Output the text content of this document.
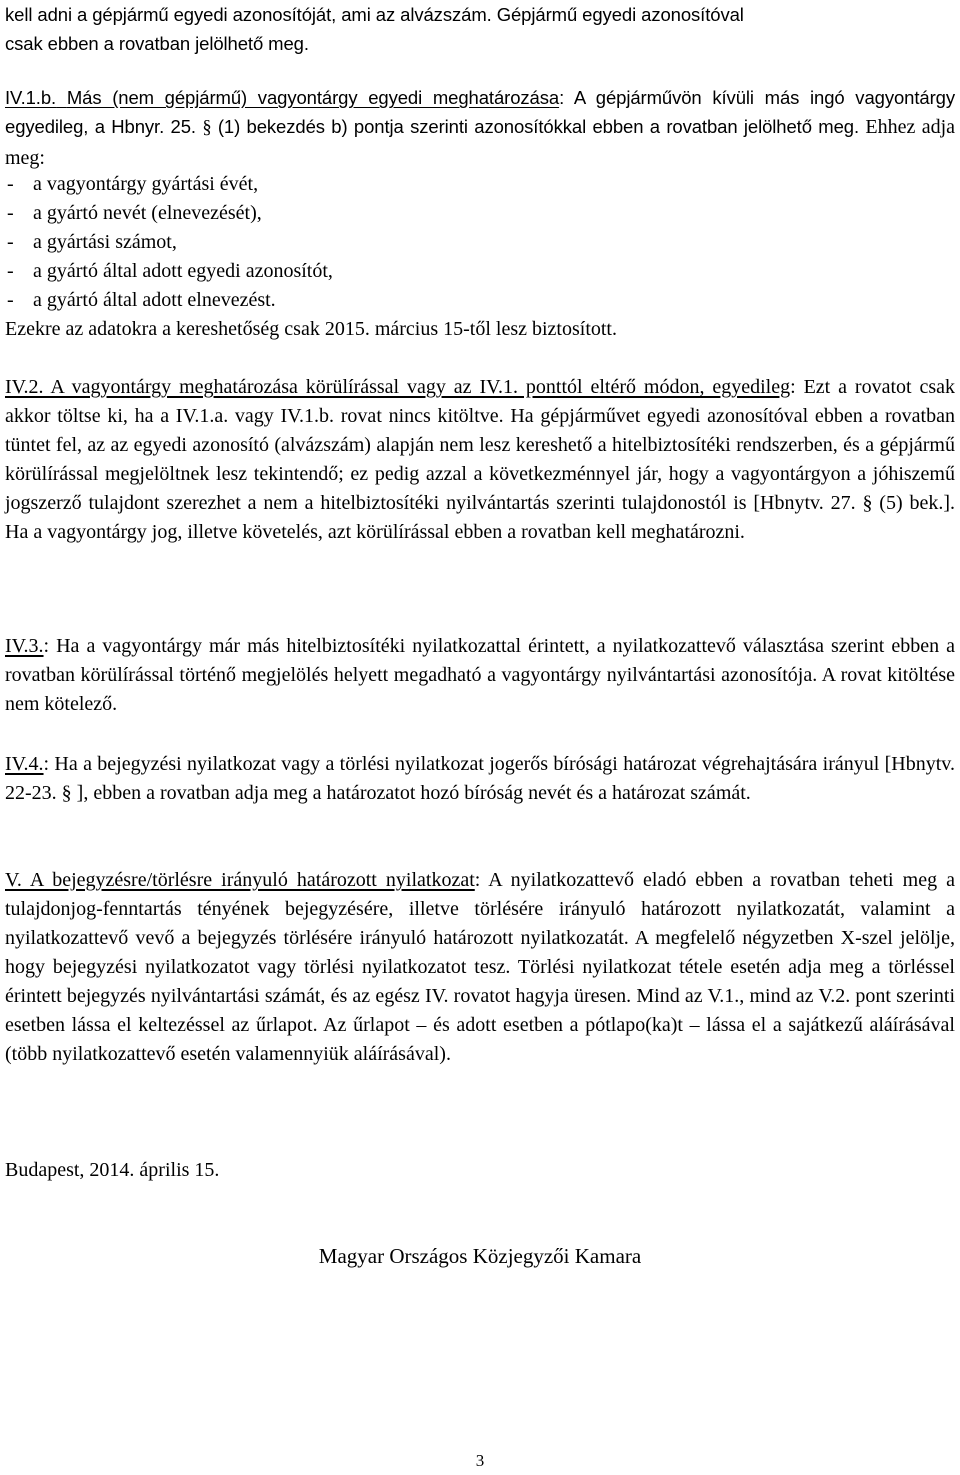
kell adni a gépjármű egyedi azonosítóját, ami az alvázszám. Gépjármű egyedi azonosítóval

csak ebben a rovatban jelölhető meg.

IV.1.b. Más (nem gépjármű) vagyontárgy egyedi meghatározása: A gépjárművön kívüli más ingó vagyontárgy egyedileg, a Hbnyr. 25. § (1) bekezdés b) pontja szerinti azonosítókkal ebben a rovatban jelölhető meg. Ehhez adja meg:

- a vagyontárgy gyártási évét,

- a gyártó nevét (elnevezését),

- a gyártási számot,

- a gyártó által adott egyedi azonosítót,

- a gyártó által adott elnevezést.

Ezekre az adatokra a kereshetőség csak 2015. március 15-től lesz biztosított.

IV.2. A vagyontárgy meghatározása körülírással vagy az IV.1. ponttól eltérő módon, egyedileg: Ezt a rovatot csak akkor töltse ki, ha a IV.1.a. vagy IV.1.b. rovat nincs kitöltve. Ha gépjárművet egyedi azonosítóval ebben a rovatban tüntet fel, az az egyedi azonosító (alvázszám) alapján nem lesz kereshető a hitelbiztosítéki rendszerben, és a gépjármű körülírással megjelöltnek lesz tekintendő; ez pedig azzal a következménnyel jár, hogy a vagyontárgyon a jóhiszemű jogszerző tulajdont szerezhet a nem a hitelbiztosítéki nyilvántartás szerinti tulajdonostól is [Hbnytv. 27. § (5) bek.]. Ha a vagyontárgy jog, illetve követelés, azt körülírással ebben a rovatban kell meghatározni.

IV.3.: Ha a vagyontárgy már más hitelbiztosítéki nyilatkozattal érintett, a nyilatkozattevő választása szerint ebben a rovatban körülírással történő megjelölés helyett megadható a vagyontárgy nyilvántartási azonosítója. A rovat kitöltése nem kötelező.

IV.4.: Ha a bejegyzési nyilatkozat vagy a törlési nyilatkozat jogerős bírósági határozat végrehajtására irányul [Hbnytv. 22-23. § ], ebben a rovatban adja meg a határozatot hozó bíróság nevét és a határozat számát.

V. A bejegyzésre/törlésre irányuló határozott nyilatkozat: A nyilatkozattevő eladó ebben a rovatban teheti meg a tulajdonjog-fenntartás tényének bejegyzésére, illetve törlésére irányuló határozott nyilatkozatát, valamint a nyilatkozattevő vevő a bejegyzés törlésére irányuló határozott nyilatkozatát. A megfelelő négyzetben X-szel jelölje, hogy bejegyzési nyilatkozatot vagy törlési nyilatkozatot tesz. Törlési nyilatkozat tétele esetén adja meg a törléssel érintett bejegyzés nyilvántartási számát, és az egész IV. rovatot hagyja üresen. Mind az V.1., mind az V.2. pont szerinti esetben lássa el keltezéssel az űrlapot. Az űrlapot – és adott esetben a pótlapo(ka)t – lássa el a sajátkezű aláírásával (több nyilatkozattevő esetén valamennyiük aláírásával).

Budapest, 2014. április 15.
Magyar Országos Közjegyzői Kamara
3
